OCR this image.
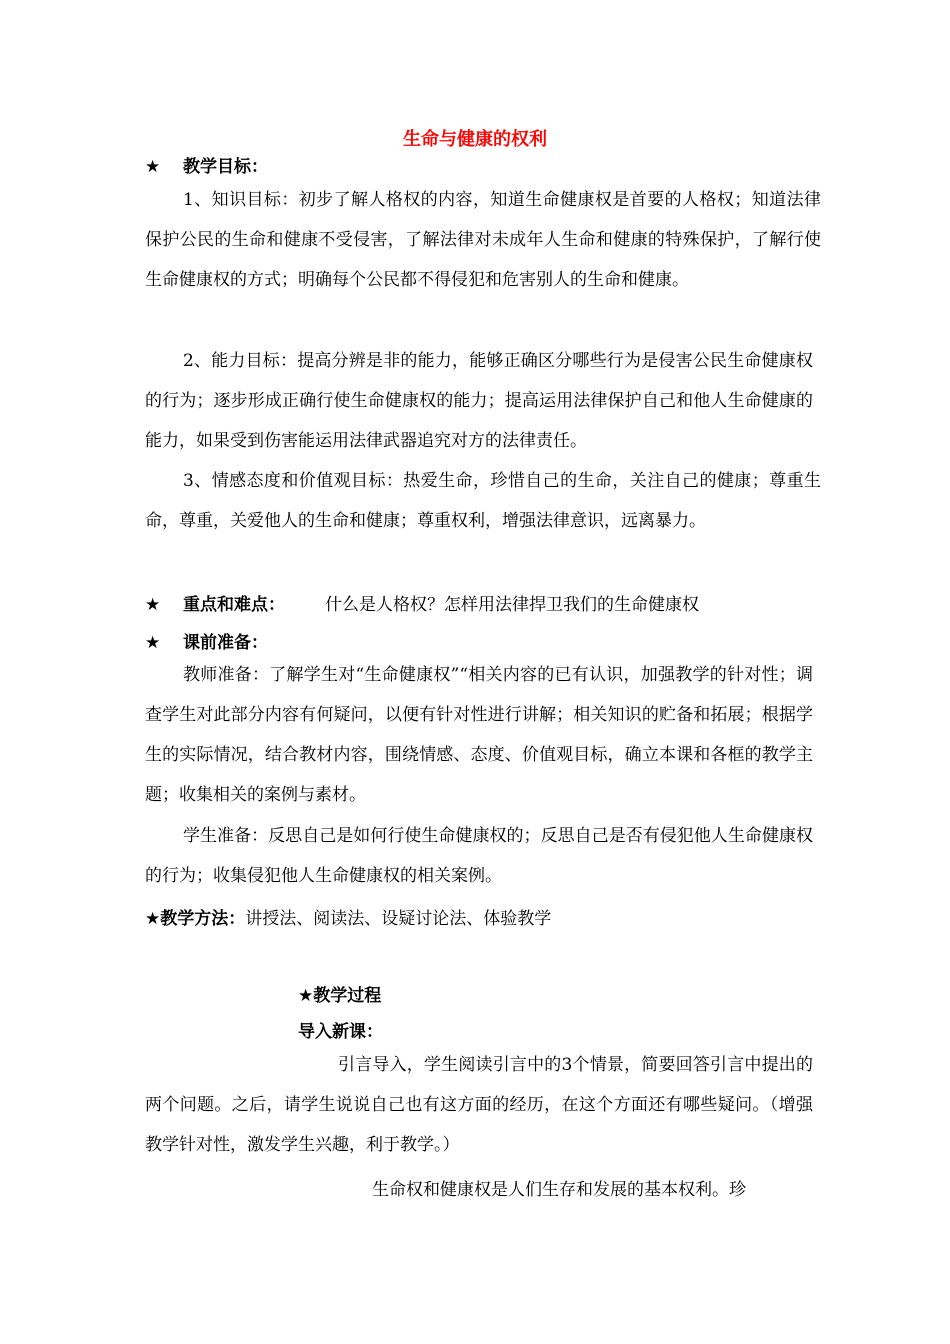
生命与健康的权利
★ 教学目标：
1、知识目标：初步了解人格权的内容，知道生命健康权是首要的人格权；知道法律保护公民的生命和健康不受侵害，了解法律对未成年人生命和健康的特殊保护，了解行使生命健康权的方式；明确每个公民都不得侵犯和危害别人的生命和健康。
2、能力目标：提高分辨是非的能力，能够正确区分哪些行为是侵害公民生命健康权的行为；逐步形成正确行使生命健康权的能力；提高运用法律保护自己和他人生命健康的能力，如果受到伤害能运用法律武器追究对方的法律责任。
3、情感态度和价值观目标：热爱生命，珍惜自己的生命，关注自己的健康；尊重生命，尊重，关爱他人的生命和健康；尊重权利，增强法律意识，远离暴力。
★ 重点和难点： 什么是人格权？怎样用法律捍卫我们的生命健康权
★ 课前准备：
教师准备：了解学生对“生命健康权”“相关内容的已有认识，加强教学的针对性；调查学生对此部分内容有何疑问，以便有针对性进行讲解；相关知识的贮备和拓展；根据学生的实际情况，结合教材内容，围绕情感、态度、价值观目标，确立本课和各框的教学主题；收集相关的案例与素材。
学生准备：反思自己是如何行使生命健康权的；反思自己是否有侵犯他人生命健康权的行为；收集侵犯他人生命健康权的相关案例。
★教学方法：讲授法、阅读法、设疑讨论法、体验教学
★教学过程
导入新课：
引言导入，学生阅读引言中的3个情景，简要回答引言中提出的两个问题。之后，请学生说说自己也有这方面的经历，在这个方面还有哪些疑问。（增强教学针对性，激发学生兴趣，利于教学。）
生命权和健康权是人们生存和发展的基本权利。珍
